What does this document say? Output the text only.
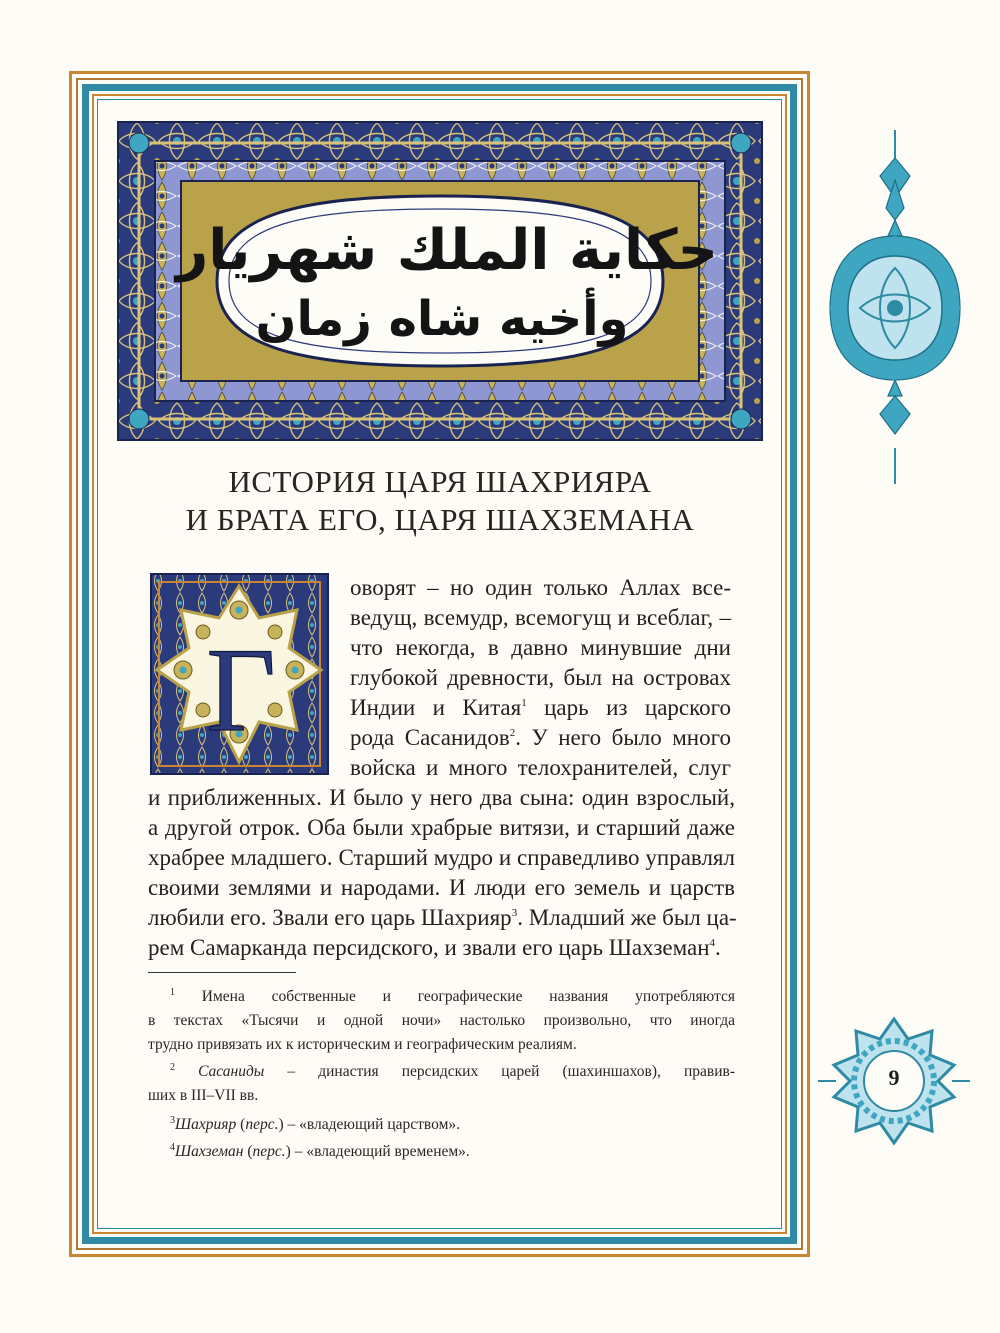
حكاية الملك شهريار
وأخيه شاه زمان
ИСТОРИЯ ЦАРЯ ШАХРИЯРА
И БРАТА ЕГО, ЦАРЯ ШАХЗЕМАНА
Г

оворят – но один только Аллах все-

ведущ, всемудр, всемогущ и всеблаг, –

что некогда, в давно минувшие дни

глубокой древности, был на островах

Индии и Китая$^1$ царь из царского

рода Сасанидов$^2$. У него было много

войска и много телохранителей, слуг

и приближенных. И было у него два сына: один взрослый,

а другой отрок. Оба были храбрые витязи, и старший даже

храбрее младшего. Старший мудро и справедливо управлял

своими землями и народами. И люди его земель и царств

любили его. Звали его царь Шахрияр$^3$. Младший же был ца-

рем Самарканда персидского, и звали его царь Шахземан$^4$.

$^1$ Имена собственные и географические названия употребляются

в текстах «Тысячи и одной ночи» настолько произвольно, что иногда

трудно привязать их к историческим и географическим реалиям.

$^2$ Сасаниды – династия персидских царей (шахиншахов), правив-

ших в III–VII вв.

$^3$Шахрияр (перс.) – «владеющий царством».

$^4$Шахземан (перс.) – «владеющий временем».

9
